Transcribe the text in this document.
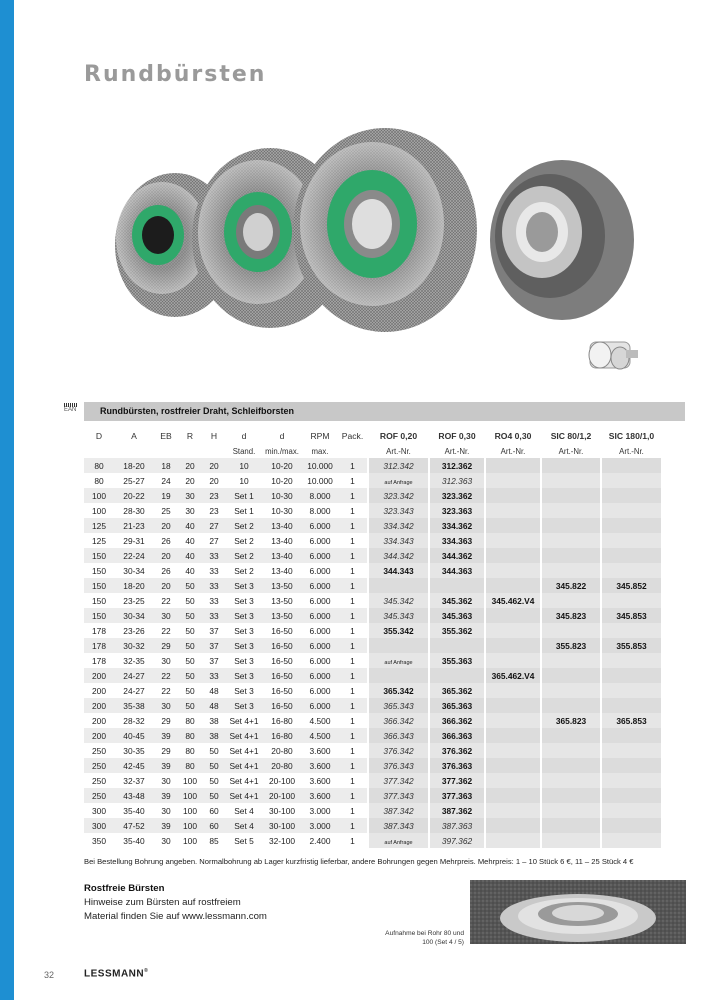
Rundbürsten
EAN	Rundbürsten, rostfreier Draht, Schleifborsten
D	A	EB	R	H	d	d	RPM	Pack.	ROF 0,20	ROF 0,30	RO4 0,30	SIC 80/1,2	SIC 180/1,0
					Stand.	min./max.	max.		Art.-Nr.	Art.-Nr.	Art.-Nr.	Art.-Nr.	Art.-Nr.
80	18-20	18	20	20	10	10-20	10.000	1	312.342	312.362			
80	25-27	24	20	20	10	10-20	10.000	1	auf Anfrage	312.363			
100	20-22	19	30	23	Set 1	10-30	8.000	1	323.342	323.362			
100	28-30	25	30	23	Set 1	10-30	8.000	1	323.343	323.363			
125	21-23	20	40	27	Set 2	13-40	6.000	1	334.342	334.362			
125	29-31	26	40	27	Set 2	13-40	6.000	1	334.343	334.363			
150	22-24	20	40	33	Set 2	13-40	6.000	1	344.342	344.362			
150	30-34	26	40	33	Set 2	13-40	6.000	1	344.343	344.363			
150	18-20	20	50	33	Set 3	13-50	6.000	1				345.822	345.852
150	23-25	22	50	33	Set 3	13-50	6.000	1	345.342	345.362	345.462.V4		
150	30-34	30	50	33	Set 3	13-50	6.000	1	345.343	345.363		345.823	345.853
178	23-26	22	50	37	Set 3	16-50	6.000	1	355.342	355.362			
178	30-32	29	50	37	Set 3	16-50	6.000	1				355.823	355.853
178	32-35	30	50	37	Set 3	16-50	6.000	1	auf Anfrage	355.363			
200	24-27	22	50	33	Set 3	16-50	6.000	1			365.462.V4		
200	24-27	22	50	48	Set 3	16-50	6.000	1	365.342	365.362			
200	35-38	30	50	48	Set 3	16-50	6.000	1	365.343	365.363			
200	28-32	29	80	38	Set 4+1	16-80	4.500	1	366.342	366.362		365.823	365.853
200	40-45	39	80	38	Set 4+1	16-80	4.500	1	366.343	366.363			
250	30-35	29	80	50	Set 4+1	20-80	3.600	1	376.342	376.362			
250	42-45	39	80	50	Set 4+1	20-80	3.600	1	376.343	376.363			
250	32-37	30	100	50	Set 4+1	20-100	3.600	1	377.342	377.362			
250	43-48	39	100	50	Set 4+1	20-100	3.600	1	377.343	377.363			
300	35-40	30	100	60	Set 4	30-100	3.000	1	387.342	387.362			
300	47-52	39	100	60	Set 4	30-100	3.000	1	387.343	387.363			
350	35-40	30	100	85	Set 5	32-100	2.400	1	auf Anfrage	397.362			
Bei Bestellung Bohrung angeben. Normalbohrung ab Lager kurzfristig lieferbar, andere Bohrungen gegen Mehrpreis. Mehrpreis: 1 – 10 Stück 6 €, 11 – 25 Stück 4 €
Rostfreie Bürsten
Hinweise zum Bürsten auf rostfreiem
Material finden Sie auf www.lessmann.com
Aufnahme bei Rohr 80 und
100 (Set 4 / 5)
32	LESSMANN®
